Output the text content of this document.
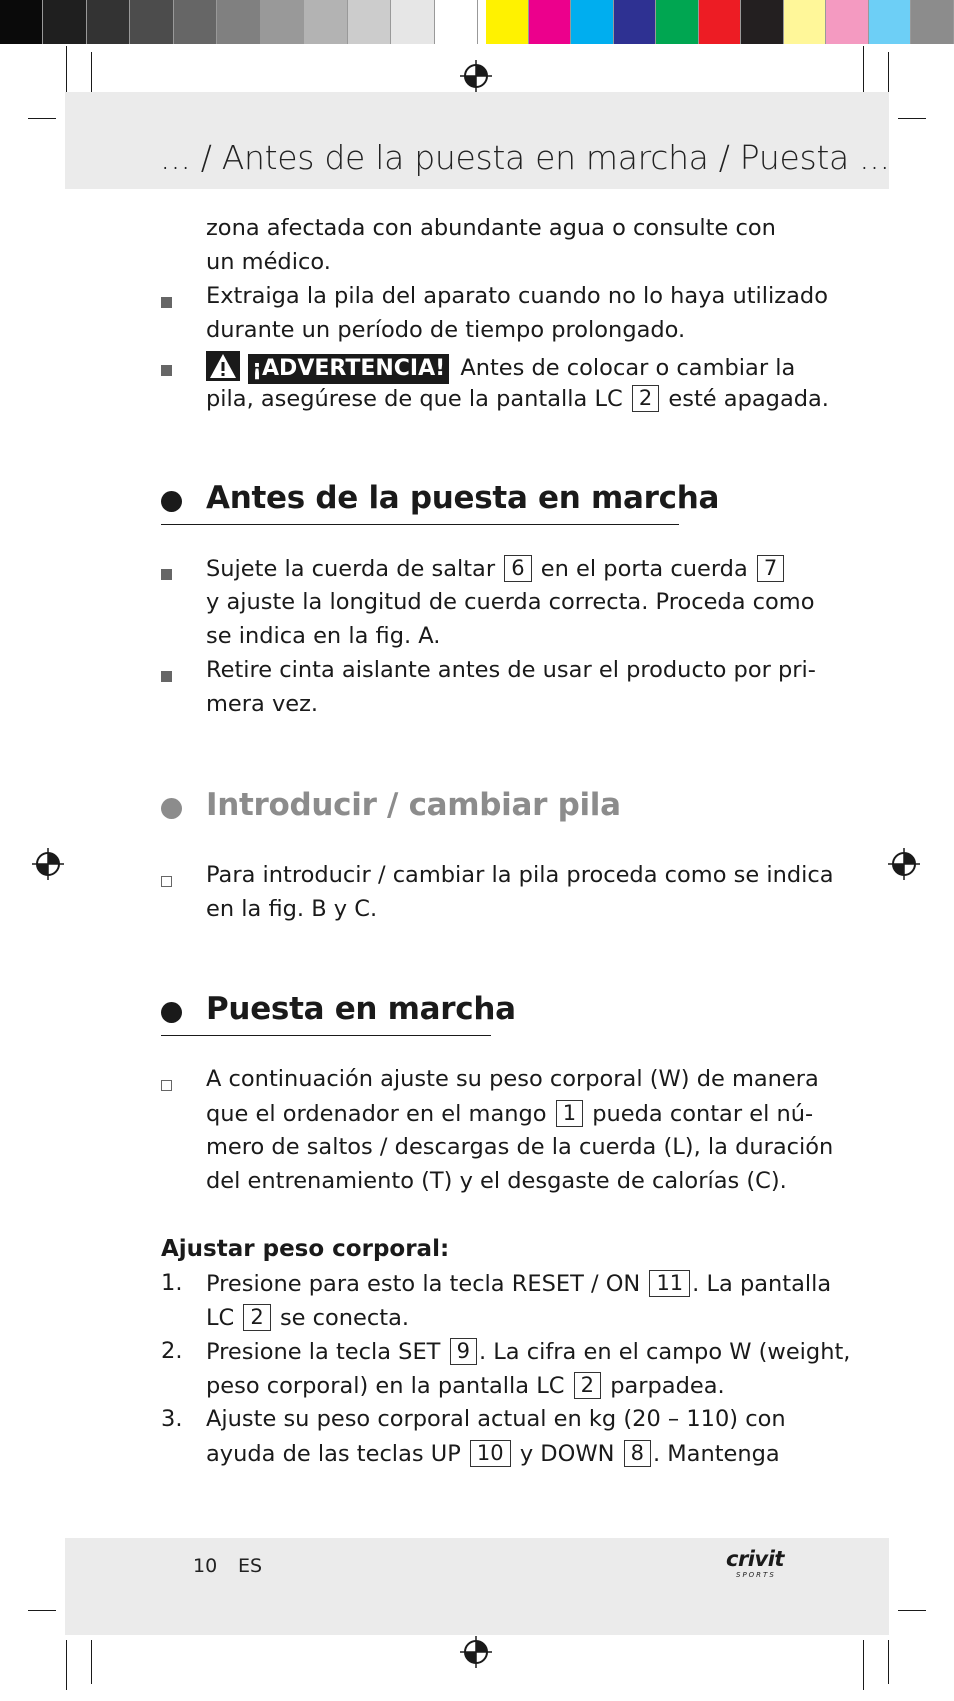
... / Antes de la puesta en marcha / Puesta ...
zona afectada con abundante agua o consulte con
un médico.
Extraiga la pila del aparato cuando no lo haya utilizado
durante un período de tiempo prolongado.
¡ADVERTENCIA! Antes de colocar o cambiar la
pila, asegúrese de que la pantalla LC 2 esté apagada.
Antes de la puesta en marcha
Sujete la cuerda de saltar 6 en el porta cuerda 7
y ajuste la longitud de cuerda correcta. Proceda como
se indica en la fig. A.
Retire cinta aislante antes de usar el producto por pri-
mera vez.
Introducir / cambiar pila
Para introducir / cambiar la pila proceda como se indica
en la fig. B y C.
Puesta en marcha
A continuación ajuste su peso corporal (W) de manera
que el ordenador en el mango 1 pueda contar el nú-
mero de saltos / descargas de la cuerda (L), la duración
del entrenamiento (T) y el desgaste de calorías (C).
Ajustar peso corporal:
1. Presione para esto la tecla RESET / ON 11 . La pantalla
LC 2 se conecta.
2. Presione la tecla SET 9 . La cifra en el campo W (weight,
peso corporal) en la pantalla LC 2 parpadea.
3. Ajuste su peso corporal actual en kg (20 – 110) con
ayuda de las teclas UP 10 y DOWN 8 . Mantenga
10 ES	crivit
SPORTS
